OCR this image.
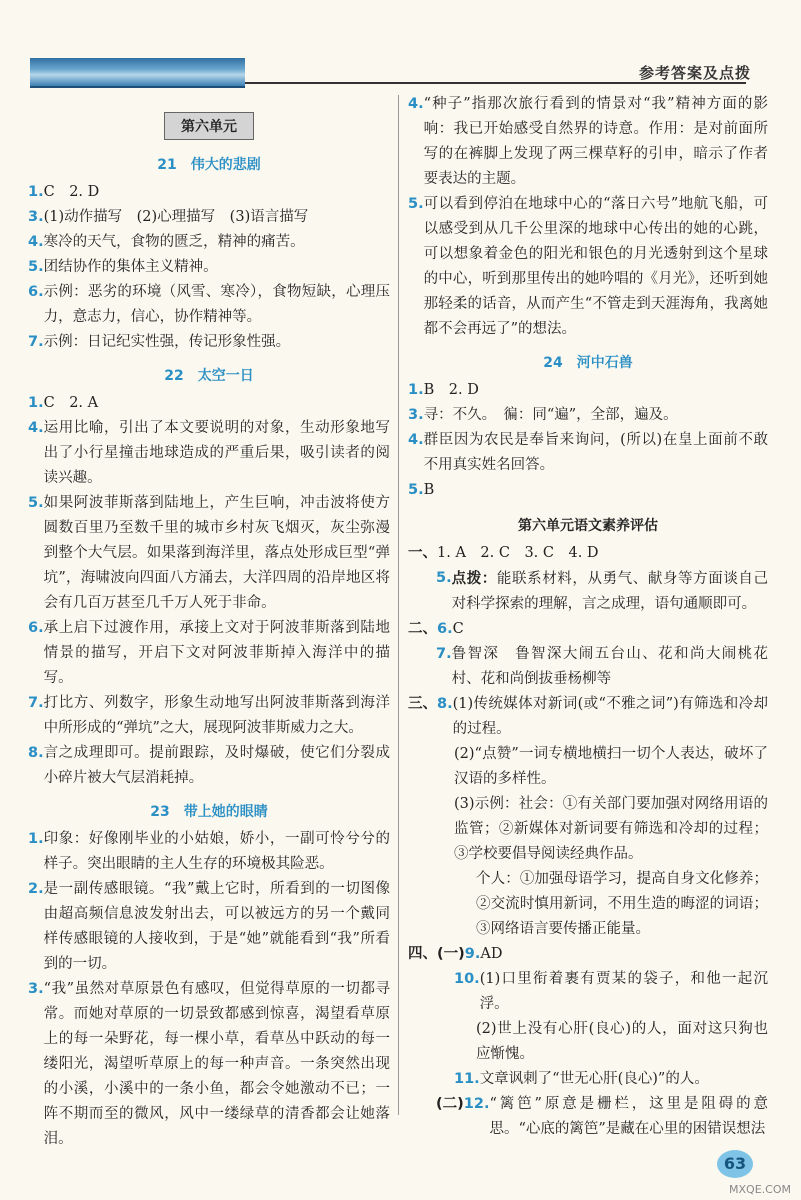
参考答案及点拨
第六单元
21　伟大的悲剧
1. C　2. D
3. (1)动作描写　(2)心理描写　(3)语言描写
4. 寒冷的天气，食物的匮乏，精神的痛苦。
5. 团结协作的集体主义精神。
6. 示例：恶劣的环境（风雪、寒冷），食物短缺，心理压力，意志力，信心，协作精神等。
7. 示例：日记纪实性强，传记形象性强。
22　太空一日
1. C　2. A
4. 运用比喻，引出了本文要说明的对象，生动形象地写出了小行星撞击地球造成的严重后果，吸引读者的阅读兴趣。
5. 如果阿波菲斯落到陆地上，产生巨响，冲击波将使方圆数百里乃至数千里的城市乡村灰飞烟灭，灰尘弥漫到整个大气层。如果落到海洋里，落点处形成巨型“弹坑”，海啸波向四面八方涌去，大洋四周的沿岸地区将会有几百万甚至几千万人死于非命。
6. 承上启下过渡作用，承接上文对于阿波菲斯落到陆地情景的描写，开启下文对阿波菲斯掉入海洋中的描写。
7. 打比方、列数字，形象生动地写出阿波菲斯落到海洋中所形成的“弹坑”之大，展现阿波菲斯威力之大。
8. 言之成理即可。提前跟踪，及时爆破，使它们分裂成小碎片被大气层消耗掉。
23　带上她的眼睛
1. 印象：好像刚毕业的小姑娘，娇小，一副可怜兮兮的样子。突出眼睛的主人生存的环境极其险恶。
2. 是一副传感眼镜。“我”戴上它时，所看到的一切图像由超高频信息波发射出去，可以被远方的另一个戴同样传感眼镜的人接收到，于是“她”就能看到“我”所看到的一切。
3. “我”虽然对草原景色有感叹，但觉得草原的一切都寻常。而她对草原的一切景致都感到惊喜，渴望看草原上的每一朵野花，每一棵小草，看草丛中跃动的每一缕阳光，渴望听草原上的每一种声音。一条突然出现的小溪，小溪中的一条小鱼，都会令她激动不已；一阵不期而至的微风，风中一缕绿草的清香都会让她落泪。
4. “种子”指那次旅行看到的情景对“我”精神方面的影响：我已开始感受自然界的诗意。作用：是对前面所写的在裤脚上发现了两三棵草籽的引申，暗示了作者要表达的主题。
5. 可以看到停泊在地球中心的“落日六号”地航飞船，可以感受到从几千公里深的地球中心传出的她的心跳，可以想象着金色的阳光和银色的月光透射到这个星球的中心，听到那里传出的她吟唱的《月光》，还听到她那轻柔的话音，从而产生“不管走到天涯海角，我离她都不会再远了”的想法。
24　河中石兽
1. B　2. D
3. 寻：不久。　徧：同“遍”，全部，遍及。
4. 群臣因为农民是奉旨来询问，(所以)在皇上面前不敢不用真实姓名回答。
5. B
第六单元语文素养评估
一、 1. A　2. C　3. C　4. D
5. 点拨：能联系材料，从勇气、献身等方面谈自己对科学探索的理解，言之成理，语句通顺即可。
二、 6. C
7. 鲁智深　鲁智深大闹五台山、花和尚大闹桃花村、花和尚倒拔垂杨柳等
三、 8. (1)传统媒体对新词(或“不雅之词”)有筛选和冷却的过程。
(2)“点赞”一词专横地横扫一切个人表达，破坏了汉语的多样性。
(3)示例：社会：①有关部门要加强对网络用语的监管；②新媒体对新词要有筛选和冷却的过程；③学校要倡导阅读经典作品。
个人：①加强母语学习，提高自身文化修养；②交流时慎用新词，不用生造的晦涩的词语；③网络语言要传播正能量。
四、(一) 9. AD
10. (1)口里衔着裹有贾某的袋子，和他一起沉浮。
(2)世上没有心肝(良心)的人，面对这只狗也应惭愧。
11. 文章讽刺了“世无心肝(良心)”的人。
(二) 12. “篱笆”原意是栅栏，这里是阻碍的意思。“心底的篱笆”是藏在心里的困错误想法
63
MXQE.COM
